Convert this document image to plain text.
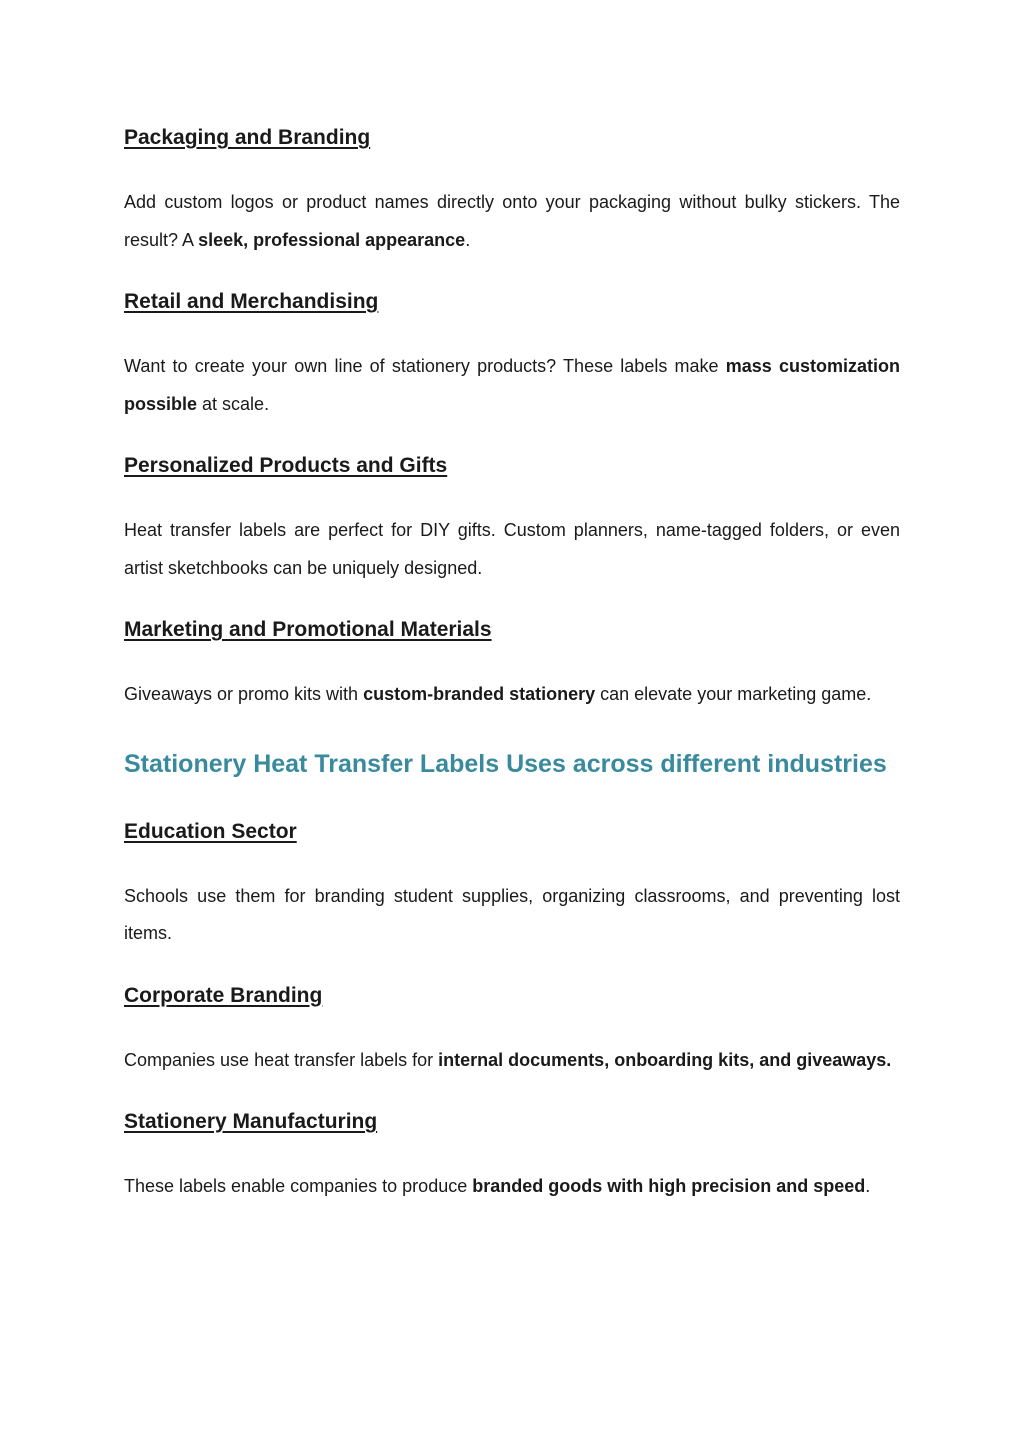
Packaging and Branding

Add custom logos or product names directly onto your packaging without bulky stickers. The result? A sleek, professional appearance.

Retail and Merchandising

Want to create your own line of stationery products? These labels make mass customization possible at scale.

Personalized Products and Gifts

Heat transfer labels are perfect for DIY gifts. Custom planners, name-tagged folders, or even artist sketchbooks can be uniquely designed.

Marketing and Promotional Materials

Giveaways or promo kits with custom-branded stationery can elevate your marketing game.

Stationery Heat Transfer Labels Uses across different industries
Education Sector

Schools use them for branding student supplies, organizing classrooms, and preventing lost items.

Corporate Branding

Companies use heat transfer labels for internal documents, onboarding kits, and giveaways.

Stationery Manufacturing

These labels enable companies to produce branded goods with high precision and speed.
